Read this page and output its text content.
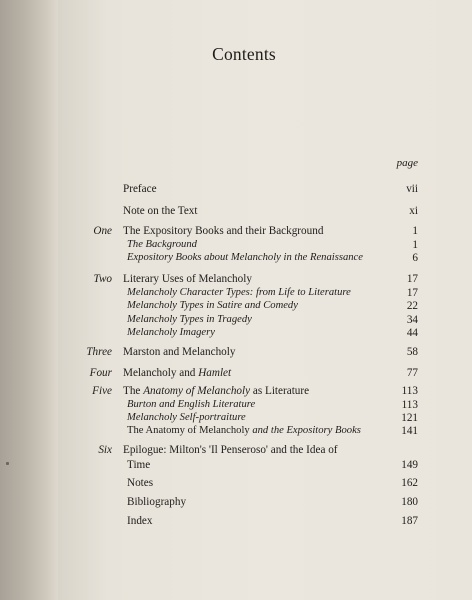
Contents
page
Preface	vii
Note on the Text	xi
One The Expository Books and their Background	1
The Background	1
Expository Books about Melancholy in the Renaissance	6
Two Literary Uses of Melancholy	17
Melancholy Character Types: from Life to Literature	17
Melancholy Types in Satire and Comedy	22
Melancholy Types in Tragedy	34
Melancholy Imagery	44
Three Marston and Melancholy	58
Four Melancholy and Hamlet	77
Five The Anatomy of Melancholy as Literature	113
Burton and English Literature	113
Melancholy Self-portraiture	121
The Anatomy of Melancholy and the Expository Books	141
Six Epilogue: Milton's 'Il Penseroso' and the Idea of
Time	149
Notes	162
Bibliography	180
Index	187
